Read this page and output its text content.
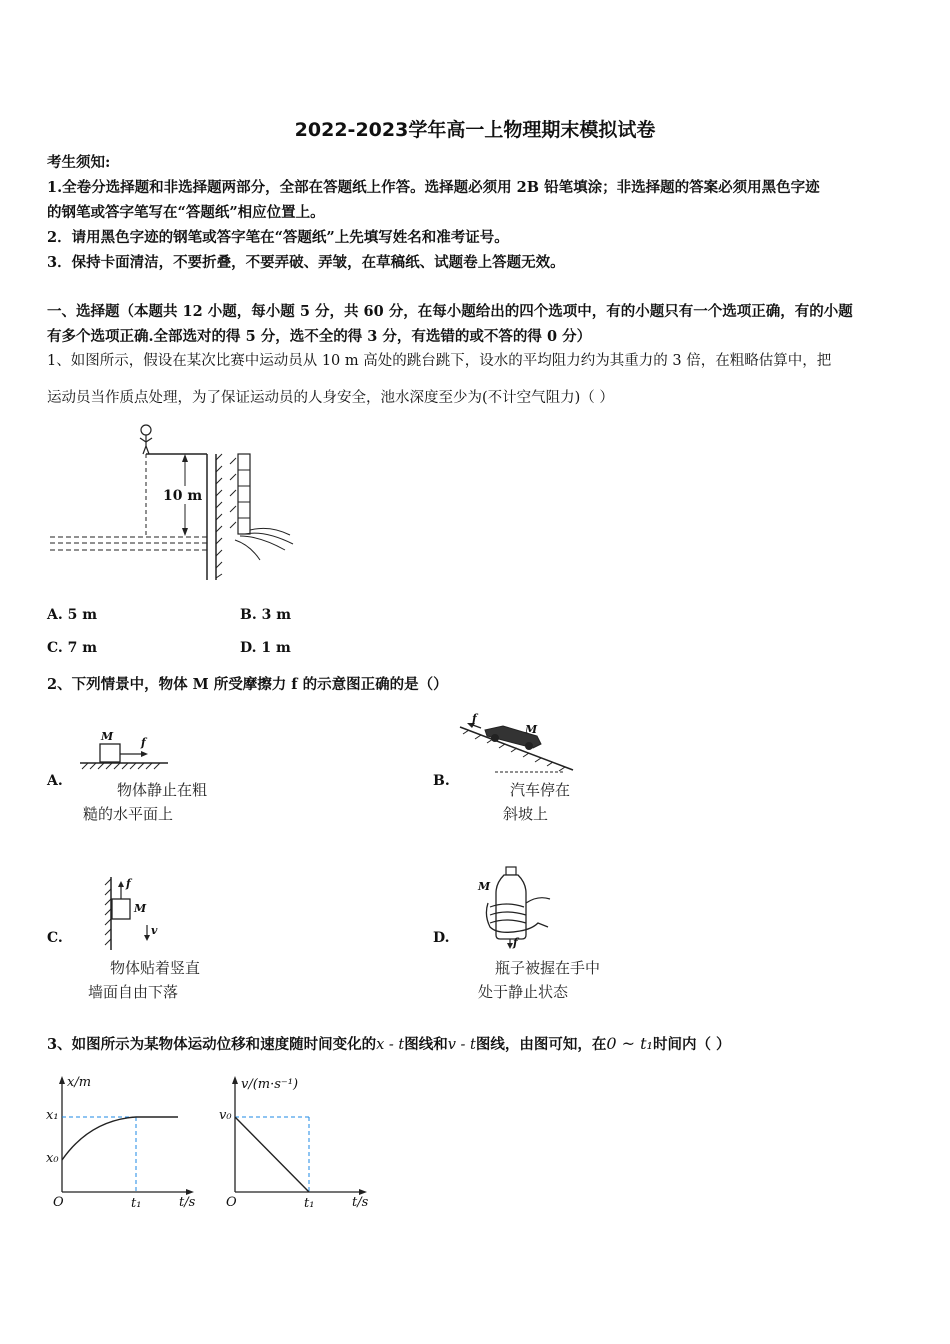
2022-2023学年高一上物理期末模拟试卷
考生须知:
1.全卷分选择题和非选择题两部分，全部在答题纸上作答。选择题必须用 2B 铅笔填涂；非选择题的答案必须用黑色字迹
的钢笔或答字笔写在“答题纸”相应位置上。
2．请用黑色字迹的钢笔或答字笔在“答题纸”上先填写姓名和准考证号。
3．保持卡面清洁，不要折叠，不要弄破、弄皱，在草稿纸、试题卷上答题无效。
一、选择题（本题共 12 小题，每小题 5 分，共 60 分，在每小题给出的四个选项中，有的小题只有一个选项正确，有的小题
有多个选项正确.全部选对的得 5 分，选不全的得 3 分，有选错的或不答的得 0 分）
1、如图所示，假设在某次比赛中运动员从 10 m 高处的跳台跳下，设水的平均阻力约为其重力的 3 倍，在粗略估算中，把
运动员当作质点处理，为了保证运动员的人身安全，池水深度至少为(不计空气阻力)（ ）
10 m
A. 5 m	B. 3 m
C. 7 m	D. 1 m
2、下列情景中，物体 M 所受摩擦力 f 的示意图正确的是（）
A.
M	f
物体静止在粗
糙的水平面上
B.
f
M
汽车停在
斜坡上
C.
f
M
v
物体贴着竖直
墙面自由下落
D.
M
f
瓶子被握在手中
处于静止状态
3、如图所示为某物体运动位移和速度随时间变化的x - t图线和v - t图线，由图可知，在0 ~ t₁时间内（ ）
x/m
x₁
x₀
O	t₁	t/s
v/(m·s⁻¹)
v₀
O	t₁	t/s
